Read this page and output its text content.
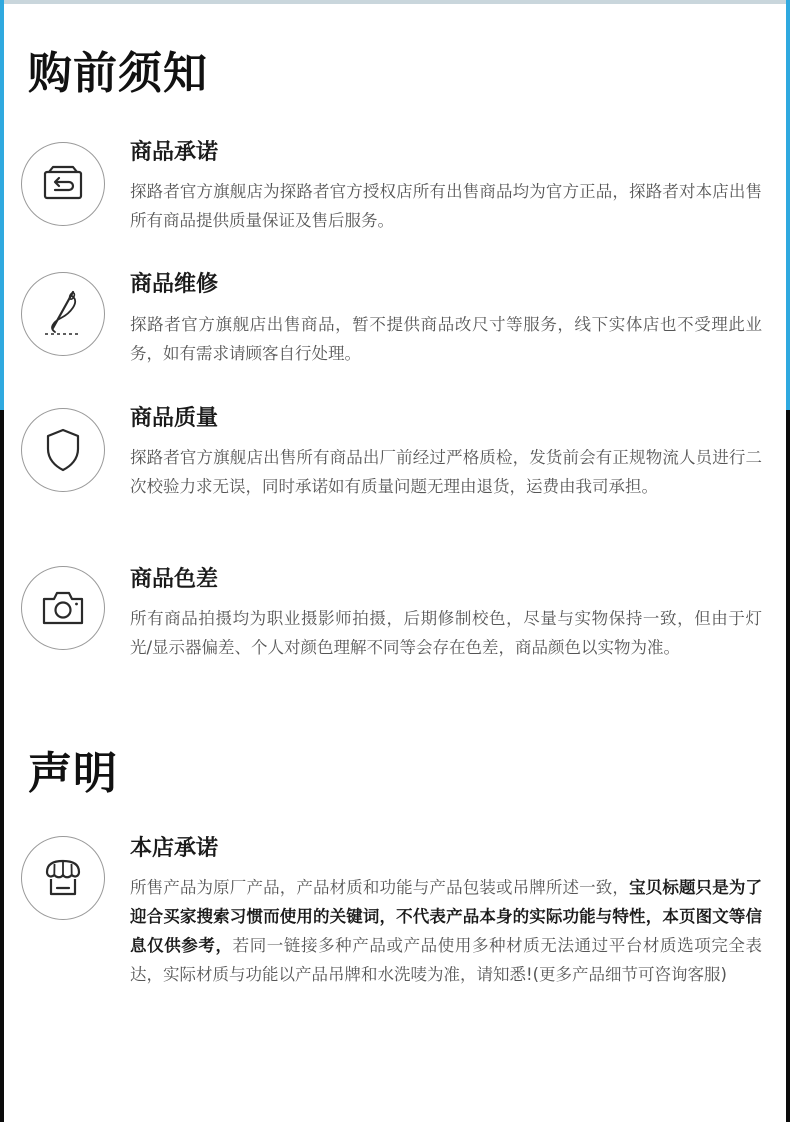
购前须知
商品承诺

探路者官方旗舰店为探路者官方授权店所有出售商品均为官方正品，探路者对本店出售所有商品提供质量保证及售后服务。

商品维修

探路者官方旗舰店出售商品，暂不提供商品改尺寸等服务，线下实体店也不受理此业务，如有需求请顾客自行处理。

商品质量

探路者官方旗舰店出售所有商品出厂前经过严格质检，发货前会有正规物流人员进行二次校验力求无误，同时承诺如有质量问题无理由退货，运费由我司承担。

商品色差

所有商品拍摄均为职业摄影师拍摄，后期修制校色，尽量与实物保持一致，但由于灯光/显示器偏差、个人对颜色理解不同等会存在色差，商品颜色以实物为准。

声明
本店承诺

所售产品为原厂产品，产品材质和功能与产品包装或吊牌所述一致，宝贝标题只是为了迎合买家搜索习惯而使用的关键词，不代表产品本身的实际功能与特性，本页图文等信息仅供参考，若同一链接多种产品或产品使用多种材质无法通过平台材质选项完全表达，实际材质与功能以产品吊牌和水洗唛为准，请知悉!(更多产品细节可咨询客服)
